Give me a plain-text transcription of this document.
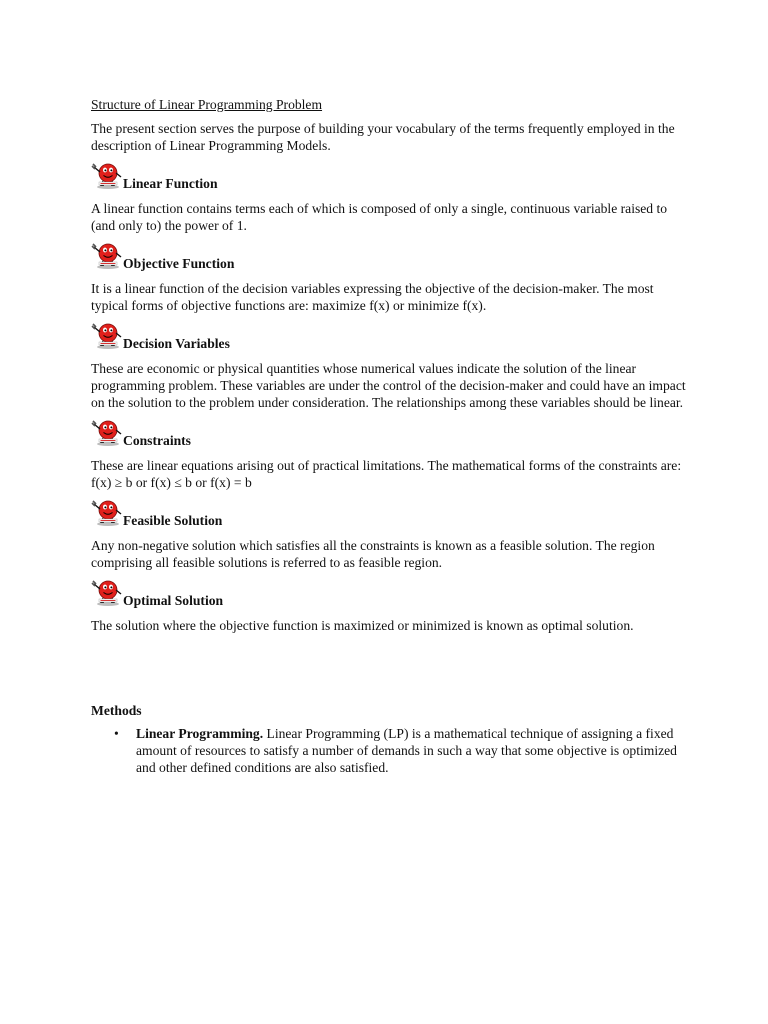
Structure of Linear Programming Problem

The present section serves the purpose of building your vocabulary of the terms frequently employed in the description of Linear Programming Models.

Linear Function

A linear function contains terms each of which is composed of only a single, continuous variable raised to (and only to) the power of 1.

Objective Function

It is a linear function of the decision variables expressing the objective of the decision-maker. The most typical forms of objective functions are: maximize f(x) or minimize f(x).

Decision Variables

These are economic or physical quantities whose numerical values indicate the solution of the linear programming problem. These variables are under the control of the decision-maker and could have an impact on the solution to the problem under consideration. The relationships among these variables should be linear.

Constraints

These are linear equations arising out of practical limitations. The mathematical forms of the constraints are:

f(x) ≥ b or f(x) ≤ b or f(x) = b
Feasible Solution

Any non-negative solution which satisfies all the constraints is known as a feasible solution. The region comprising all feasible solutions is referred to as feasible region.

Optimal Solution

The solution where the objective function is maximized or minimized is known as optimal solution.

Methods
• Linear Programming. Linear Programming (LP) is a mathematical technique of assigning a fixed amount of resources to satisfy a number of demands in such a way that some objective is optimized and other defined conditions are also satisfied.
